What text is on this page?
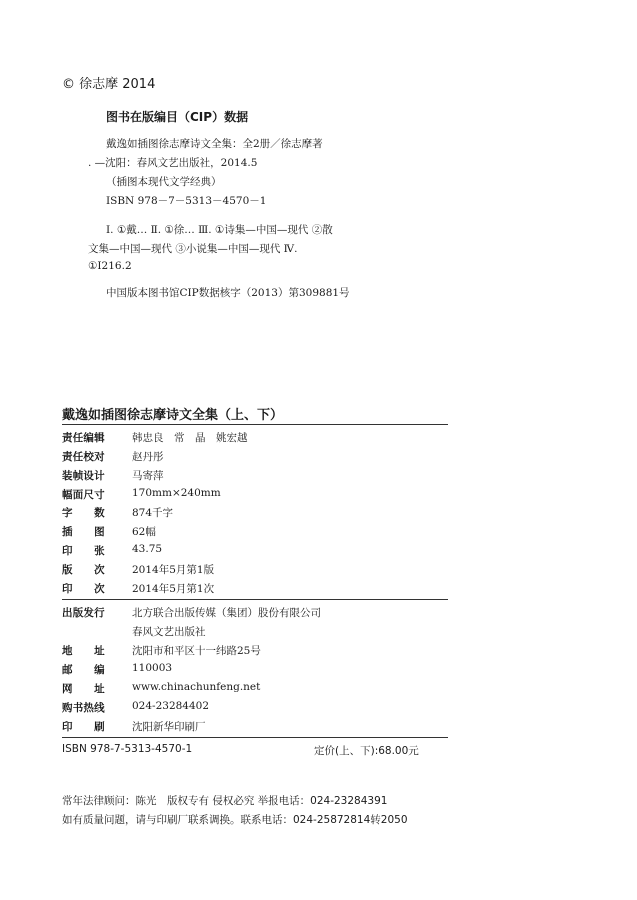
© 徐志摩 2014
图书在版编目（CIP）数据
戴逸如插图徐志摩诗文全集：全2册／徐志摩著
. —沈阳：春风文艺出版社，2014.5
（插图本现代文学经典）
ISBN 978－7－5313－4570－1
Ⅰ. ①戴… Ⅱ. ①徐… Ⅲ. ①诗集—中国—现代 ②散
文集—中国—现代 ③小说集—中国—现代 Ⅳ.
①I216.2
中国版本图书馆CIP数据核字（2013）第309881号
戴逸如插图徐志摩诗文全集（上、下）
责任编辑	韩忠良　常　晶　姚宏越
责任校对	赵丹彤
装帧设计	马寄萍
幅面尺寸	170mm×240mm
字　　数	874千字
插　　图	62幅
印　　张	43.75
版　　次	2014年5月第1版
印　　次	2014年5月第1次
出版发行	北方联合出版传媒（集团）股份有限公司
春风文艺出版社
地　　址	沈阳市和平区十一纬路25号
邮　　编	110003
网　　址	www.chinachunfeng.net
购书热线	024-23284402
印　　刷	沈阳新华印刷厂
ISBN 978-7-5313-4570-1	定价(上、下):68.00元
常年法律顾问：陈光　版权专有 侵权必究 举报电话：024-23284391
如有质量问题，请与印刷厂联系调换。联系电话：024-25872814转2050
